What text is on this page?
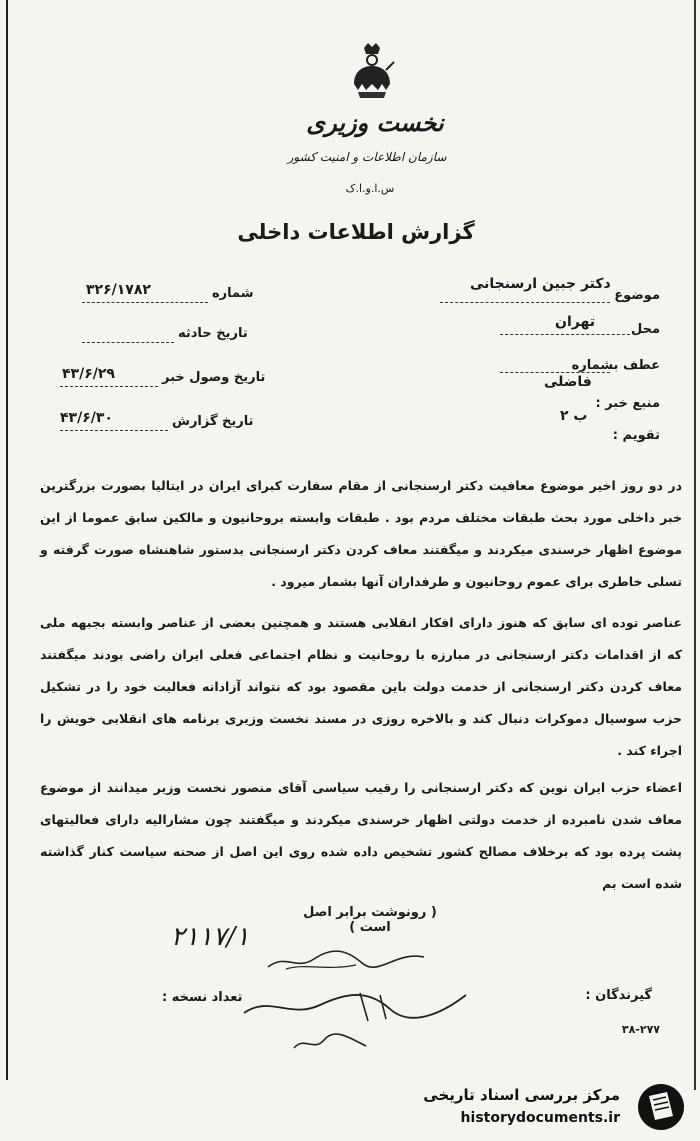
نخست وزیری
سازمان اطلاعات و امنیت کشور
س.ا.و.ا.ک
گزارش اطلاعات داخلی
شماره
۳۲۶/۱۷۸۲
تاریخ حادثه
تاریخ وصول خبر
۴۳/۶/۲۹
تاریخ گزارش
۴۳/۶/۳۰
موضوع
دکتر جبین ارسنجانی
محل
تهران
عطف بشماره
منبع خبر :
فاضلی
تقویم :
ب ۲
در دو روز اخیر موضوع معافیت دکتر ارسنجانی از مقام سفارت کبرای ایران در ایتالیا بصورت بزرگترین خبر داخلی مورد بحث طبقات مختلف مردم بود . طبقات وابسته بروحانیون و مالکین سابق عموما از این موضوع اظهار خرسندی میکردند و میگفتند معاف کردن دکتر ارسنجانی بدستور شاهنشاه صورت گرفته و تسلی خاطری برای عموم روحانیون و طرفداران آنها بشمار میرود .
عناصر توده ای سابق که هنوز دارای افکار انقلابی هستند و همچنین بعضی از عناصر وابسته بجبهه ملی که از اقدامات دکتر ارسنجانی در مبارزه با روحانیت و نظام اجتماعی فعلی ایران راضی بودند میگفتند معاف کردن دکتر ارسنجانی از خدمت دولت باین مقصود بود که نتواند آزادانه فعالیت خود را در تشکیل حزب سوسیال دموکرات دنبال کند و بالاخره روزی در مسند نخست وزیری برنامه های انقلابی خویش را اجراء کند .
اعضاء حزب ایران نوین که دکتر ارسنجانی را رقیب سیاسی آقای منصور نخست وزیر میدانند از موضوع معاف شدن نامبرده از خدمت دولتی اظهار خرسندی میکردند و میگفتند چون مشارالیه دارای فعالیتهای پشت پرده بود که برخلاف مصالح کشور تشخیص داده شده روی این اصل از صحنه سیاست کنار گذاشته شده است بم
( رونوشت برابر اصل است )
۲۱۱۷/۱
گیرندگان :
تعداد نسخه :
۳۸-۲۷۷
مرکز بررسی اسناد تاریخی
historydocuments.ir
